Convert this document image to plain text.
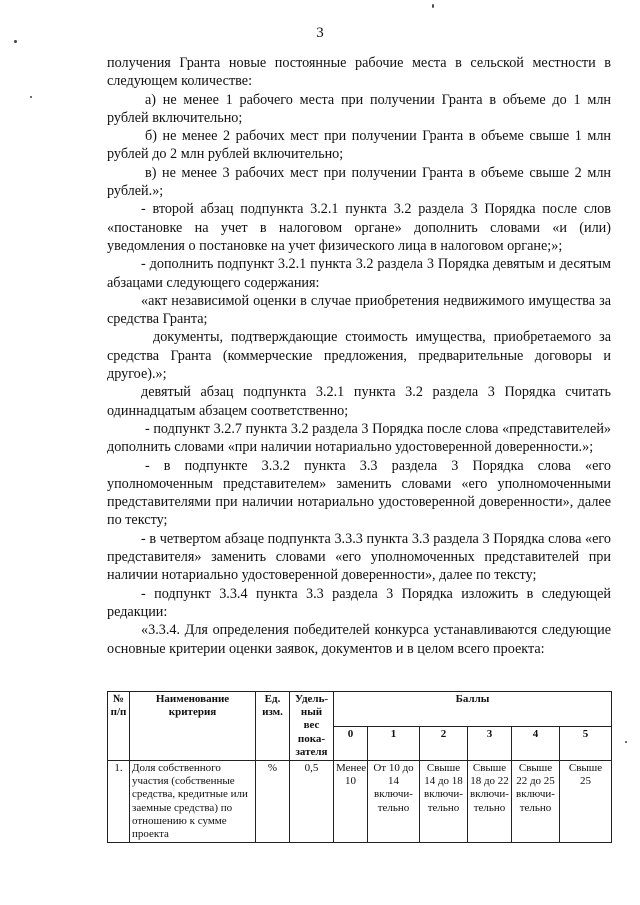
3

получения Гранта новые постоянные рабочие места в сельской местности в следующем количестве:

а) не менее 1 рабочего места при получении Гранта в объеме до 1 млн рублей включительно;

б) не менее 2 рабочих мест при получении Гранта в объеме свыше 1 млн рублей до 2 млн рублей включительно;

в) не менее 3 рабочих мест при получении Гранта в объеме свыше 2 млн рублей.»;

- второй абзац подпункта 3.2.1 пункта 3.2 раздела 3 Порядка после слов «постановке на учет в налоговом органе» дополнить словами «и (или) уведомления о постановке на учет физического лица в налоговом органе;»;

- дополнить подпункт 3.2.1 пункта 3.2 раздела 3 Порядка девятым и десятым абзацами следующего содержания:

«акт независимой оценки в случае приобретения недвижимого имущества за средства Гранта;

документы, подтверждающие стоимость имущества, приобретаемого за средства Гранта (коммерческие предложения, предварительные договоры и другое).»;

девятый абзац подпункта 3.2.1 пункта 3.2 раздела 3 Порядка считать одиннадцатым абзацем соответственно;

- подпункт 3.2.7 пункта 3.2 раздела 3 Порядка после слова «представителей» дополнить словами «при наличии нотариально удостоверенной доверенности.»;

- в подпункте 3.3.2 пункта 3.3 раздела 3 Порядка слова «его уполномоченным представителем» заменить словами «его уполномоченными представителями при наличии нотариально удостоверенной доверенности», далее по тексту;

- в четвертом абзаце подпункта 3.3.3 пункта 3.3 раздела 3 Порядка слова «его представителя» заменить словами «его уполномоченных представителей при наличии нотариально удостоверенной доверенности», далее по тексту;

- подпункт 3.3.4 пункта 3.3 раздела 3 Порядка изложить в следующей редакции:

«3.3.4. Для определения победителей конкурса устанавливаются следующие основные критерии оценки заявок, документов и в целом всего проекта:

№ п/п	Наименование критерия	Ед. изм.	Удель-ный вес пока-зателя	Баллы					
				0	1	2	3	4	5
1.	Доля собственного участия (собственные средства, кредитные или заемные средства) по отношению к сумме проекта	%	0,5	Менее 10	От 10 до 14 включи-тельно	Свыше 14 до 18 включи-тельно	Свыше 18 до 22 включи-тельно	Свыше 22 до 25 включи-тельно	Свыше 25
